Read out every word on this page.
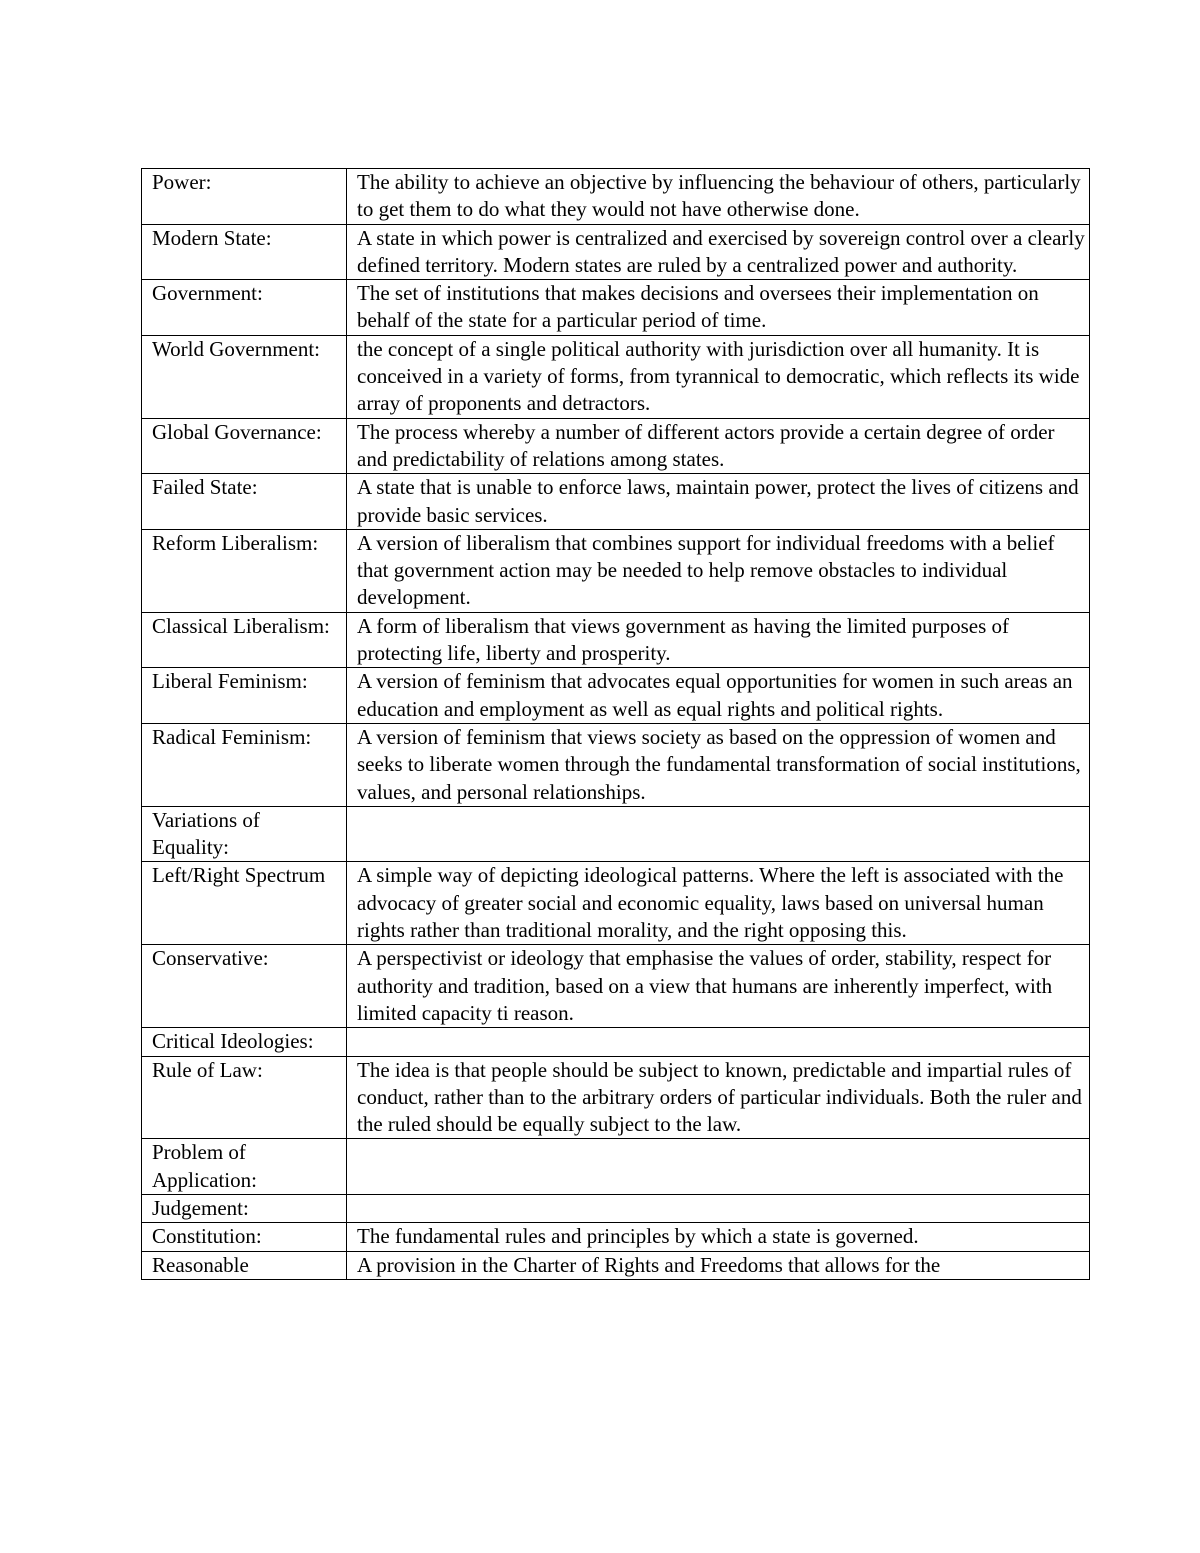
Power:	The ability to achieve an objective by influencing the behaviour of others, particularly to get them to do what they would not have otherwise done.
Modern State:	A state in which power is centralized and exercised by sovereign control over a clearly defined territory. Modern states are ruled by a centralized power and authority.
Government:	The set of institutions that makes decisions and oversees their implementation on behalf of the state for a particular period of time.
World Government:	the concept of a single political authority with jurisdiction over all humanity. It is conceived in a variety of forms, from tyrannical to democratic, which reflects its wide array of proponents and detractors.
Global Governance:	The process whereby a number of different actors provide a certain degree of order and predictability of relations among states.
Failed State:	A state that is unable to enforce laws, maintain power, protect the lives of citizens and provide basic services.
Reform Liberalism:	A version of liberalism that combines support for individual freedoms with a belief that government action may be needed to help remove obstacles to individual development.
Classical Liberalism:	A form of liberalism that views government as having the limited purposes of protecting life, liberty and prosperity.
Liberal Feminism:	A version of feminism that advocates equal opportunities for women in such areas an education and employment as well as equal rights and political rights.
Radical Feminism:	A version of feminism that views society as based on the oppression of women and seeks to liberate women through the fundamental transformation of social institutions, values, and personal relationships.
Variations of Equality:	
Left/Right Spectrum	A simple way of depicting ideological patterns. Where the left is associated with the advocacy of greater social and economic equality, laws based on universal human rights rather than traditional morality, and the right opposing this.
Conservative:	A perspectivist or ideology that emphasise the values of order, stability, respect for authority and tradition, based on a view that humans are inherently imperfect, with limited capacity ti reason.
Critical Ideologies:	
Rule of Law:	The idea is that people should be subject to known, predictable and impartial rules of conduct, rather than to the arbitrary orders of particular individuals. Both the ruler and the ruled should be equally subject to the law.
Problem of Application:	
Judgement:	
Constitution:	The fundamental rules and principles by which a state is governed.
Reasonable	A provision in the Charter of Rights and Freedoms that allows for the
